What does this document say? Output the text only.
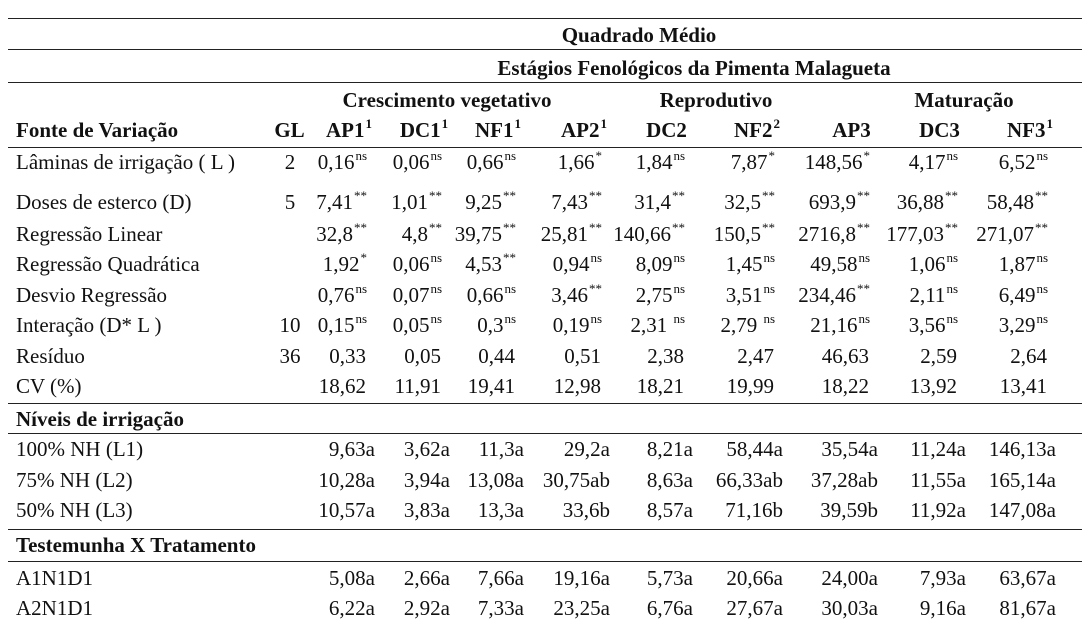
Quadrado Médio
Estágios Fenológicos da Pimenta Malagueta
Crescimento vegetativo	Reprodutivo	Maturação
Fonte de Variação	GL $AP1^1$ $DC1^1$ $NF1^1$ $AP2^1$ DC2 $NF2^2$ AP3 DC3 $NF3^1$
Lâminas de irrigação ( L ) 2 $0,16^{ns}$ $0,06^{ns}$ $0,66^{ns}$ 1,66* $1,84^{ns}$ 7,87* 148,56* $4,17^{ns}$ $6,52^{ns}$
Doses de esterco (D)	5 7,41** 1,01** 9,25** 7,43** 31,4** 32,5** 693,9** 36,88** 58,48**
Regressão Linear	32,8** 4,8** 39,75** 25,81** 140,66** 150,5** 2716,8** 177,03** 271,07**
Regressão Quadrática	1,92* $0,06^{ns}$ 4,53** $0,94^{ns}$ $8,09^{ns}$ $1,45^{ns}$ $49,58^{ns}$ $1,06^{ns}$ $1,87^{ns}$
Desvio Regressão	$0,76^{ns}$ $0,07^{ns}$ $0,66^{ns}$ 3,46** $2,75^{ns}$ $3,51^{ns}$ 234,46** $2,11^{ns}$ $6,49^{ns}$
Interação (D* L )	10 $0,15^{ns}$ $0,05^{ns}$ $0,3^{ns}$ $0,19^{ns}$ 2,31 $^{ns}$ 2,79 $^{ns}$ $21,16^{ns}$ $3,56^{ns}$ $3,29^{ns}$
Resíduo	36 0,33 0,05 0,44 0,51 2,38	2,47 46,63 2,59	2,64
CV (%)	18,62 11,91 19,41 12,98 18,21 19,99 18,22 13,92 13,41
Níveis de irrigação
100% NH (L1)	9,63a 3,62a 11,3a 29,2a 8,21a 58,44a 35,54a 11,24a 146,13a
75% NH (L2)	10,28a 3,94a 13,08a 30,75ab 8,63a 66,33ab 37,28ab 11,55a 165,14a
50% NH (L3)	10,57a 3,83a 13,3a 33,6b 8,57a 71,16b 39,59b 11,92a 147,08a
Testemunha X Tratamento
A1N1D1	5,08a 2,66a 7,66a 19,16a 5,73a 20,66a 24,00a 7,93a 63,67a
A2N1D1	6,22a 2,92a 7,33a 23,25a 6,76a 27,67a 30,03a 9,16a 81,67a
